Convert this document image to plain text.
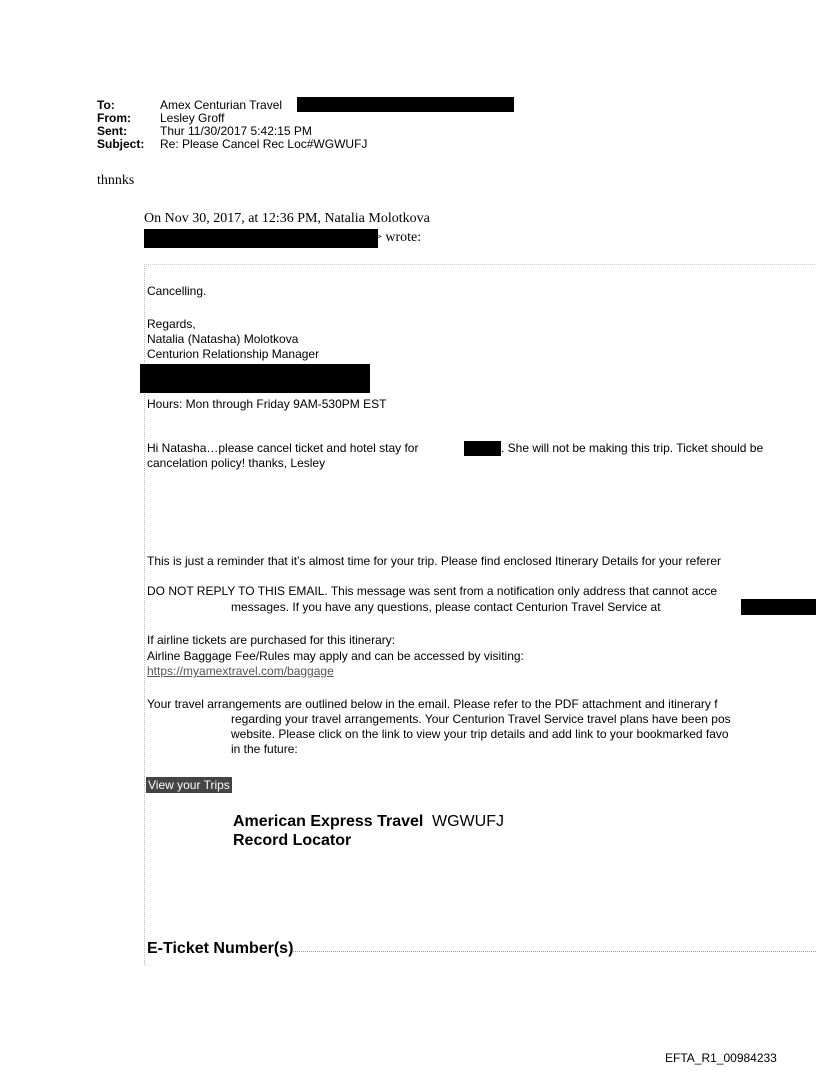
To:	Amex Centurian Travel
From: Lesley Groff
Sent:	Thur 11/30/2017 5:42:15 PM
Subject: Re: Please Cancel Rec Loc#WGWUFJ
thnnks
On Nov 30, 2017, at 12:36 PM, Natalia Molotkova
> wrote:
Cancelling.
Regards,
Natalia (Natasha) Molotkova
Centurion Relationship Manager
Hours: Mon through Friday 9AM-530PM EST
Hi Natasha…please cancel ticket and hotel stay for	. She will not be making this trip. Ticket should be
cancelation policy! thanks, Lesley
This is just a reminder that it’s almost time for your trip. Please find enclosed Itinerary Details for your referer
DO NOT REPLY TO THIS EMAIL. This message was sent from a notification only address that cannot acce
messages. If you have any questions, please contact Centurion Travel Service at
If airline tickets are purchased for this itinerary:
Airline Baggage Fee/Rules may apply and can be accessed by visiting:
https://myamextravel.com/baggage
Your travel arrangements are outlined below in the email. Please refer to the PDF attachment and itinerary f
regarding your travel arrangements. Your Centurion Travel Service travel plans have been pos
website. Please click on the link to view your trip details and add link to your bookmarked favo
in the future:
View your Trips
American Express Travel WGWUFJ
Record Locator
E-Ticket Number(s)
EFTA_R1_00984233
